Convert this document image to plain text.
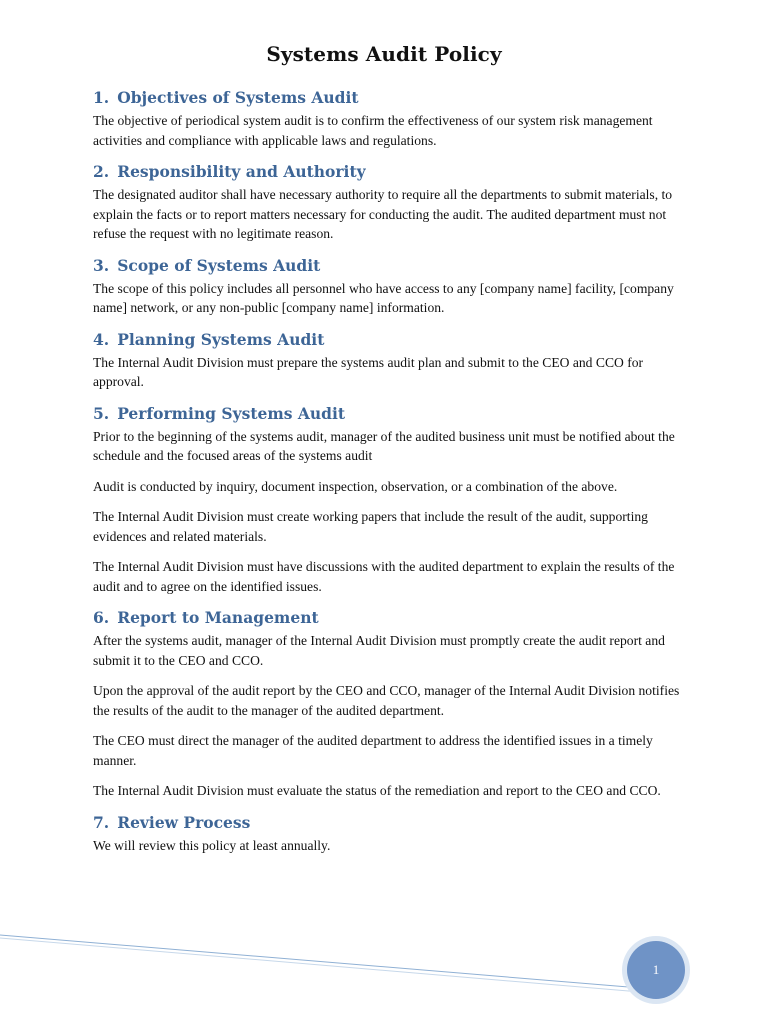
Systems Audit Policy
1. Objectives of Systems Audit

The objective of periodical system audit is to confirm the effectiveness of our system risk management activities and compliance with applicable laws and regulations.

2. Responsibility and Authority

The designated auditor shall have necessary authority to require all the departments to submit materials, to explain the facts or to report matters necessary for conducting the audit. The audited department must not refuse the request with no legitimate reason.

3. Scope of Systems Audit

The scope of this policy includes all personnel who have access to any [company name] facility, [company name] network, or any non-public [company name] information.

4. Planning Systems Audit

The Internal Audit Division must prepare the systems audit plan and submit to the CEO and CCO for approval.

5. Performing Systems Audit

Prior to the beginning of the systems audit, manager of the audited business unit must be notified about the schedule and the focused areas of the systems audit

Audit is conducted by inquiry, document inspection, observation, or a combination of the above.

The Internal Audit Division must create working papers that include the result of the audit, supporting evidences and related materials.

The Internal Audit Division must have discussions with the audited department to explain the results of the audit and to agree on the identified issues.

6. Report to Management

After the systems audit, manager of the Internal Audit Division must promptly create the audit report and submit it to the CEO and CCO.

Upon the approval of the audit report by the CEO and CCO, manager of the Internal Audit Division notifies the results of the audit to the manager of the audited department.

The CEO must direct the manager of the audited department to address the identified issues in a timely manner.

The Internal Audit Division must evaluate the status of the remediation and report to the CEO and CCO.

7. Review Process

We will review this policy at least annually.

1
